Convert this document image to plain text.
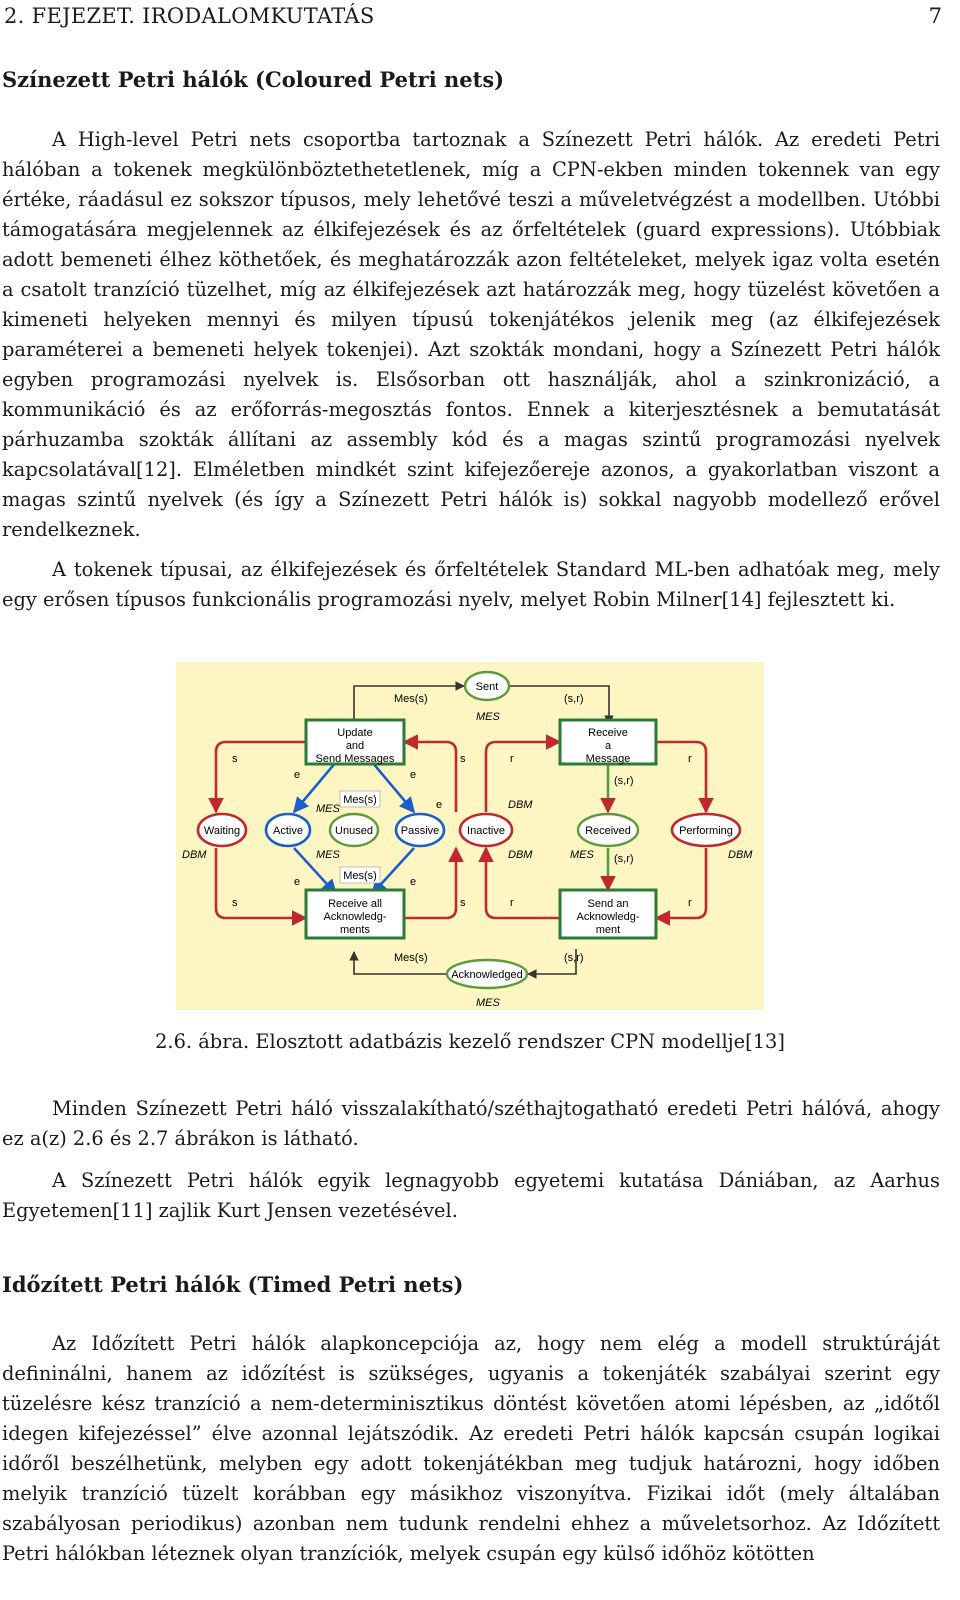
2. FEJEZET. IRODALOMKUTATÁS	7
Színezett Petri hálók (Coloured Petri nets)

A High-level Petri nets csoportba tartoznak a Színezett Petri hálók. Az eredeti Petri hálóban a tokenek megkülönböztethetetlenek, míg a CPN-ekben minden tokennek van egy értéke, ráadásul ez sokszor típusos, mely lehetővé teszi a műveletvégzést a modellben. Utóbbi támogatására megjelennek az élkifejezések és az őrfeltételek (guard expressions). Utóbbiak adott bemeneti élhez köthetőek, és meghatározzák azon feltételeket, melyek igaz volta esetén a csatolt tranzíció tüzelhet, míg az élkifejezések azt határozzák meg, hogy tüzelést követően a kimeneti helyeken mennyi és milyen típusú tokenjátékos jelenik meg (az élkifejezések paraméterei a bemeneti helyek tokenjei). Azt szokták mondani, hogy a Színezett Petri hálók egyben programozási nyelvek is. Elsősorban ott használják, ahol a szinkronizáció, a kommunikáció és az erőforrás-megosztás fontos. Ennek a kiterjesztésnek a bemutatását párhuzamba szokták állítani az assembly kód és a magas szintű programozási nyelvek kapcsolatával[12]. Elméletben mindkét szint kifejezőereje azonos, a gyakorlatban viszont a magas szintű nyelvek (és így a Színezett Petri hálók is) sokkal nagyobb modellező erővel rendelkeznek.

A tokenek típusai, az élkifejezések és őrfeltételek Standard ML-ben adhatóak meg, mely egy erősen típusos funkcionális programozási nyelv, melyet Robin Milner[14] fejlesztett ki.

Update
and
Send Messages
Receive
a
Message
Receive all
Acknowledg-
ments
Send an
Acknowledg-
ment
Sent
Waiting	Active	Unused	Passive	Inactive	Received	Performing
Acknowledged
Mes(s)
Mes(s)
Mes(s)	(s,r)
Mes(s)	(s,r)
(s,r)
(s,r)
s
s
s
s
r
r
r
r
e	e
e
e	e
MES
MES
MES
MES	MES
DBM
DBM
DBM	DBM
2.6. ábra. Elosztott adatbázis kezelő rendszer CPN modellje[13]

Minden Színezett Petri háló visszalakítható/széthajtogatható eredeti Petri hálóvá, ahogy ez a(z) 2.6 és 2.7 ábrákon is látható.

A Színezett Petri hálók egyik legnagyobb egyetemi kutatása Dániában, az Aarhus Egyetemen[11] zajlik Kurt Jensen vezetésével.

Időzített Petri hálók (Timed Petri nets)

Az Időzített Petri hálók alapkoncepciója az, hogy nem elég a modell struktúráját defininálni, hanem az időzítést is szükséges, ugyanis a tokenjáték szabályai szerint egy tüzelésre kész tranzíció a nem-determinisztikus döntést követően atomi lépésben, az „időtől idegen kifejezéssel” élve azonnal lejátszódik. Az eredeti Petri hálók kapcsán csupán logikai időről beszélhetünk, melyben egy adott tokenjátékban meg tudjuk határozni, hogy időben melyik tranzíció tüzelt korábban egy másikhoz viszonyítva. Fizikai időt (mely általában szabályosan periodikus) azonban nem tudunk rendelni ehhez a műveletsorhoz. Az Időzített Petri hálókban léteznek olyan tranzíciók, melyek csupán egy külső időhöz kötötten
